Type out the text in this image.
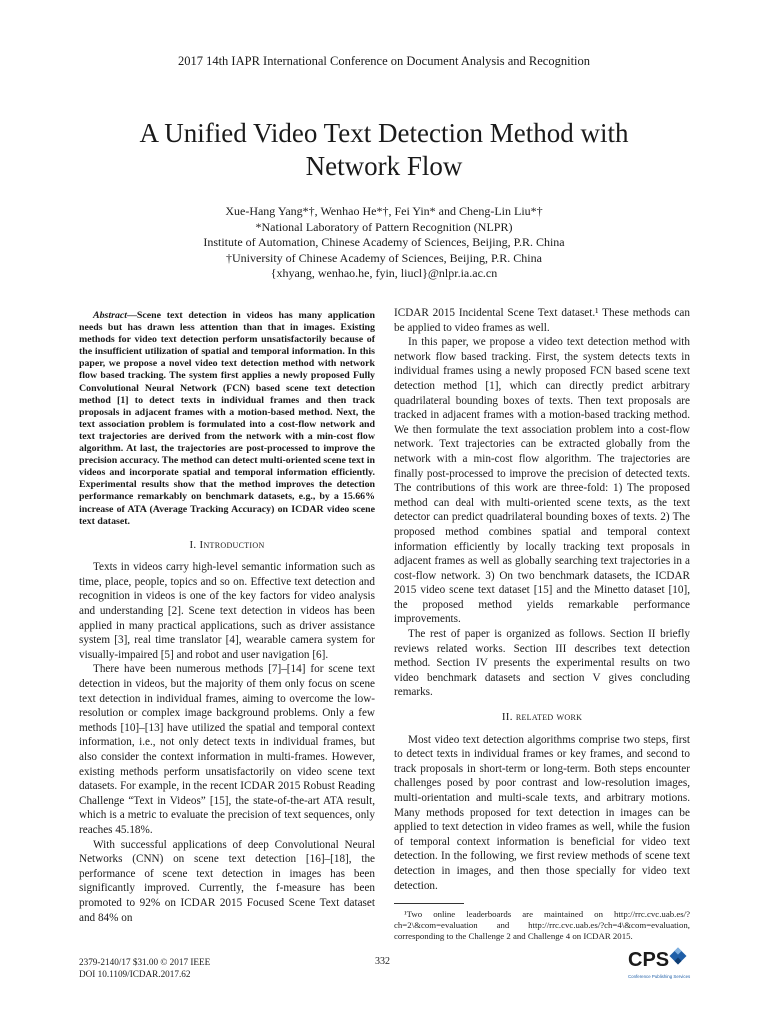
2017 14th IAPR International Conference on Document Analysis and Recognition
A Unified Video Text Detection Method with
Network Flow
Xue-Hang Yang*†, Wenhao He*†, Fei Yin* and Cheng-Lin Liu*†
*National Laboratory of Pattern Recognition (NLPR)
Institute of Automation, Chinese Academy of Sciences, Beijing, P.R. China
†University of Chinese Academy of Sciences, Beijing, P.R. China
{xhyang, wenhao.he, fyin, liucl}@nlpr.ia.ac.cn

Abstract—Scene text detection in videos has many application needs but has drawn less attention than that in images. Existing methods for video text detection perform unsatisfactorily because of the insufficient utilization of spatial and temporal information. In this paper, we propose a novel video text detection method with network flow based tracking. The system first applies a newly proposed Fully Convolutional Neural Network (FCN) based scene text detection method [1] to detect texts in individual frames and then track proposals in adjacent frames with a motion-based method. Next, the text association problem is formulated into a cost-flow network and text trajectories are derived from the network with a min-cost flow algorithm. At last, the trajectories are post-processed to improve the precision accuracy. The method can detect multi-oriented scene text in videos and incorporate spatial and temporal information efficiently. Experimental results show that the method improves the detection performance remarkably on benchmark datasets, e.g., by a 15.66% increase of ATA (Average Tracking Accuracy) on ICDAR video scene text dataset.

I. Introduction

Texts in videos carry high-level semantic information such as time, place, people, topics and so on. Effective text detection and recognition in videos is one of the key factors for video analysis and understanding [2]. Scene text detection in videos has been applied in many practical applications, such as driver assistance system [3], real time translator [4], wearable camera system for visually-impaired [5] and robot and user navigation [6].

There have been numerous methods [7]–[14] for scene text detection in videos, but the majority of them only focus on scene text detection in individual frames, aiming to overcome the low-resolution or complex image background problems. Only a few methods [10]–[13] have utilized the spatial and temporal context information, i.e., not only detect texts in individual frames, but also consider the context information in multi-frames. However, existing methods perform unsatisfactorily on video scene text datasets. For example, in the recent ICDAR 2015 Robust Reading Challenge “Text in Videos” [15], the state-of-the-art ATA result, which is a metric to evaluate the precision of text sequences, only reaches 45.18%.

With successful applications of deep Convolutional Neural Networks (CNN) on scene text detection [16]–[18], the performance of scene text detection in images has been significantly improved. Currently, the f-measure has been promoted to 92% on ICDAR 2015 Focused Scene Text dataset and 84% on

ICDAR 2015 Incidental Scene Text dataset.¹ These methods can be applied to video frames as well.

In this paper, we propose a video text detection method with network flow based tracking. First, the system detects texts in individual frames using a newly proposed FCN based scene text detection method [1], which can directly predict arbitrary quadrilateral bounding boxes of texts. Then text proposals are tracked in adjacent frames with a motion-based tracking method. We then formulate the text association problem into a cost-flow network. Text trajectories can be extracted globally from the network with a min-cost flow algorithm. The trajectories are finally post-processed to improve the precision of detected texts. The contributions of this work are three-fold: 1) The proposed method can deal with multi-oriented scene texts, as the text detector can predict quadrilateral bounding boxes of texts. 2) The proposed method combines spatial and temporal context information efficiently by locally tracking text proposals in adjacent frames as well as globally searching text trajectories in a cost-flow network. 3) On two benchmark datasets, the ICDAR 2015 video scene text dataset [15] and the Minetto dataset [10], the proposed method yields remarkable performance improvements.

The rest of paper is organized as follows. Section II briefly reviews related works. Section III describes text detection method. Section IV presents the experimental results on two video benchmark datasets and section V gives concluding remarks.

II. related work

Most video text detection algorithms comprise two steps, first to detect texts in individual frames or key frames, and second to track proposals in short-term or long-term. Both steps encounter challenges posed by poor contrast and low-resolution images, multi-orientation and multi-scale texts, and arbitrary motions. Many methods proposed for text detection in images can be applied to text detection in video frames as well, while the fusion of temporal context information is beneficial for video text detection. In the following, we first review methods of scene text detection in images, and then those specially for video text detection.

¹Two online leaderboards are maintained on http://rrc.cvc.uab.es/?ch=2\&com=evaluation and http://rrc.cvc.uab.es/?ch=4\&com=evaluation, corresponding to the Challenge 2 and Challenge 4 on ICDAR 2015.
2379-2140/17 $31.00 © 2017 IEEE
DOI 10.1109/ICDAR.2017.62
332	CPS
Conference Publishing Services
